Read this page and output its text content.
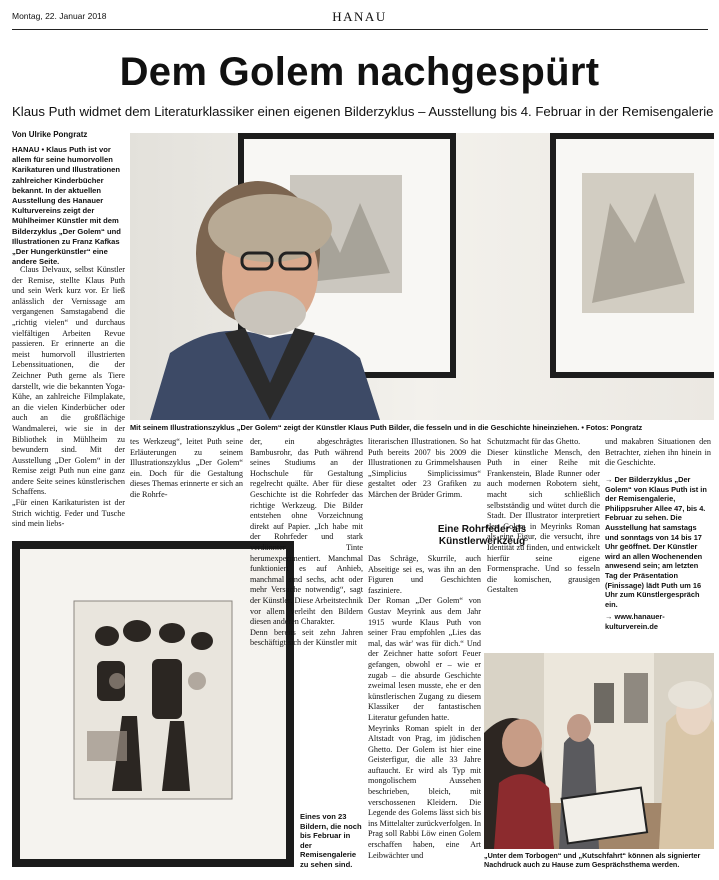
Montag, 22. Januar 2018	HANAU
Dem Golem nachgespürt
Klaus Puth widmet dem Literaturklassiker einen eigenen Bilderzyklus – Ausstellung bis 4. Februar in der Remisengalerie
Von Ulrike Pongratz
HANAU • Klaus Puth ist vor allem für seine humorvollen Karikaturen und Illustrationen zahlreicher Kinderbücher bekannt. In der aktuellen Ausstellung des Hanauer Kulturvereins zeigt der Mühlheimer Künstler mit dem Bilderzyklus „Der Golem“ und Illustrationen zu Franz Kafkas „Der Hungerkünstler“ eine andere Seite.
Claus Delvaux, selbst Künstler der Remise, stellte Klaus Puth und sein Werk kurz vor. Er ließ anlässlich der Vernissage am vergangenen Samstagabend die „richtig vielen“ und durchaus vielfältigen Arbeiten Revue passieren. Er erinnerte an die meist humorvoll illustrierten Lebenssituationen, die der Zeichner Puth gerne als Tiere darstellt, wie die bekannten Yoga-Kühe, an zahlreiche Filmplakate, an die vielen Kinderbücher oder auch an die großflächige Wandmalerei, wie sie in der Bibliothek in Mühlheim zu bewundern sind. Mit der Ausstellung „Der Golem“ in der Remise zeigt Puth nun eine ganz andere Seite seines künstlerischen Schaffens.
„Für einen Karikaturisten ist der Strich wichtig. Feder und Tusche sind mein liebs-
Mit seinem Illustrationszyklus „Der Golem“ zeigt der Künstler Klaus Puth Bilder, die fesseln und in die Geschichte hineinziehen. • Fotos: Pongratz
tes Werkzeug“, leitet Puth seine Erläuterungen zu seinem Illustrationszyklus „Der Golem“ ein. Doch für die Gestaltung dieses Themas erinnerte er sich an die Rohrfe-
der, ein abgeschrägtes Bambusrohr, das Puth während seines Studiums an der Hochschule für Gestaltung regelrecht quälte. Aber für diese Geschichte ist die Rohrfeder das richtige Werkzeug. Die Bilder entstehen ohne Vorzeichnung direkt auf Papier. „Ich habe mit der Rohrfeder und stark verdünnter Tinte herumexperimentiert. Manchmal funktioniert es auf Anhieb, manchmal sind sechs, acht oder mehr Versuche notwendig“, sagt der Künstler. Diese Arbeitstechnik vor allem verleiht den Bildern diesen anderen Charakter.
Denn bereits seit zehn Jahren beschäftigt sich der Künstler mit
Eines von 23 Bildern, die noch bis Februar in der Remisengalerie zu sehen sind.
literarischen Illustrationen. So hat Puth bereits 2007 bis 2009 die Illustrationen zu Grimmelshausen „Simplicius Simplicissimus“ gestaltet oder 23 Grafiken zu Märchen der Brüder Grimm.
Eine Rohrfeder als Künstlerwerkzeug
Das Schräge, Skurrile, auch Abseitige sei es, was ihn an den Figuren und Geschichten fasziniere.
Der Roman „Der Golem“ von Gustav Meyrink aus dem Jahr 1915 wurde Klaus Puth von seiner Frau empfohlen „Lies das mal, das wär' was für dich.“ Und der Zeichner hatte sofort Feuer gefangen, obwohl er – wie er zugab – die absurde Geschichte zweimal lesen musste, ehe er den künstlerischen Zugang zu diesem Klassiker der fantastischen Literatur gefunden hatte.
Meyrinks Roman spielt in der Altstadt von Prag, im jüdischen Ghetto. Der Golem ist hier eine Geisterfigur, die alle 33 Jahre auftaucht. Er wird als Typ mit mongolischem Aussehen beschrieben, bleich, mit verschossenen Kleidern. Die Legende des Golems lässt sich bis ins Mittelalter zurückverfolgen. In Prag soll Rabbi Löw einen Golem erschaffen haben, eine Art Leibwächter und
Schutzmacht für das Ghetto.
Dieser künstliche Mensch, den Puth in einer Reihe mit Frankenstein, Blade Runner oder auch modernen Robotern sieht, macht sich schließlich selbstständig und wütet durch die Stadt. Der Illustrator interpretiert den Golem in Meyrinks Roman als eine Figur, die versucht, ihre Identität zu finden, und entwickelt hierfür seine eigene Formensprache. Und so fesseln die komischen, grausigen Gestalten
und makabren Situationen den Betrachter, ziehen ihn hinein in die Geschichte.
→ Der Bilderzyklus „Der Golem“ von Klaus Puth ist in der Remisengalerie, Philippsruher Allee 47, bis 4. Februar zu sehen. Die Ausstellung hat samstags und sonntags von 14 bis 17 Uhr geöffnet. Der Künstler wird an allen Wochenenden anwesend sein; am letzten Tag der Präsentation (Finissage) lädt Puth um 16 Uhr zum Künstlergespräch ein.
→ www.hanauer-kulturverein.de
„Unter dem Torbogen“ und „Kutschfahrt“ können als signierter Nachdruck auch zu Hause zum Gesprächsthema werden.
